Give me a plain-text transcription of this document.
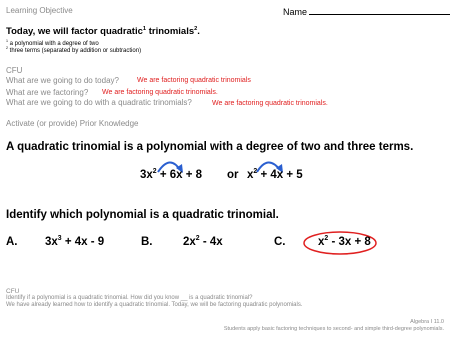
Learning Objective	Name
Today, we will factor quadratic$^1$ trinomials$^2$.
$^1$ a polynomial with a degree of two
$^2$ three terms (separated by addition or subtraction)
CFU
What are we going to do today?	We are factoring quadratic trinomials
What are we factoring? We are factoring quadratic trinomials.
What are we going to do with a quadratic trinomials?	We are factoring quadratic trinomials.
Activate (or provide) Prior Knowledge
A quadratic trinomial is a polynomial with a degree of two and three terms.
$3x^2 + 6x + 8$ or $x^2 + 4x + 5$
Identify which polynomial is a quadratic trinomial.
A. $3x^3 + 4x - 9$	B.	$2x^2 - 4x$	C.	$x^2 - 3x + 8$
CFU
Identify if a polynomial is a quadratic trinomial. How did you know __ is a quadratic trinomial?
We have already learned how to identify a quadratic trinomial. Today, we will be factoring quadratic polynomials.
Algebra I 11.0
Students apply basic factoring techniques to second- and simple third-degree polynomials.
